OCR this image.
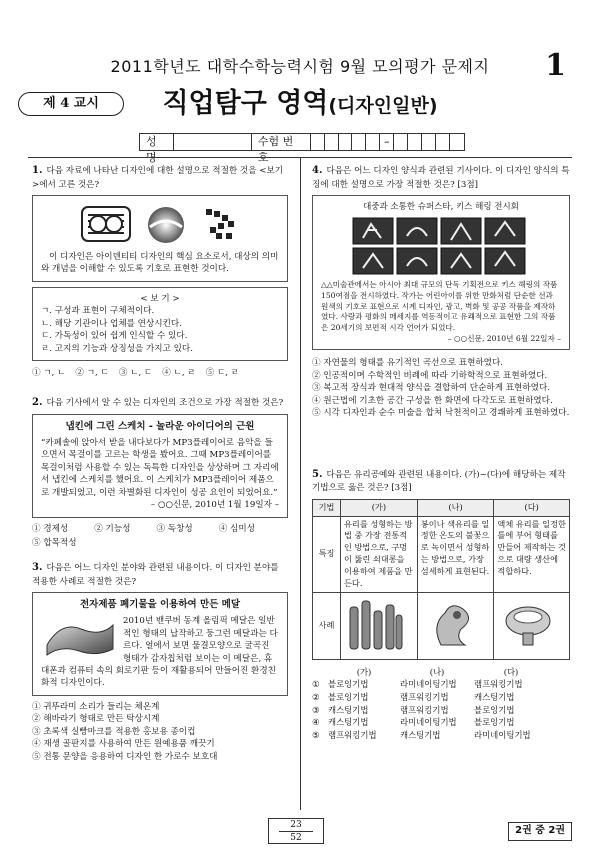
2011학년도 대학수학능력시험 9월 모의평가 문제지	1
제 4 교시	직업탐구 영역(디자인일반)
성명
수험 번호
–

1. 다음 자료에 나타난 디자인에 대한 설명으로 적절한 것을 <보기>에서 고른 것은?

이 디자인은 아이덴티티 디자인의 핵심 요소로서, 대상의 의미와 개념을 이해할 수 있도록 기호로 표현한 것이다.

< 보 기 >

ㄱ. 구성과 표현이 구체적이다.

ㄴ. 해당 기관이나 업체를 연상시킨다.

ㄷ. 가독성이 있어 쉽게 인식할 수 있다.

ㄹ. 고지의 기능과 상징성을 가지고 있다.

① ㄱ, ㄴ ② ㄱ, ㄷ ③ ㄴ, ㄷ ④ ㄴ, ㄹ ⑤ ㄷ, ㄹ

2. 다음 기사에서 알 수 있는 디자인의 조건으로 가장 적절한 것은?

냅킨에 그린 스케치 - 놀라운 아이디어의 근원

“카페솔에 앉아서 받을 내다보다가 MP3플레이어로 음악을 들으면서 목걸이를 고르는 학생을 봤어요. 그때 MP3플레이어를 목걸이처럼 사용할 수 있는 독특한 디자인을 상상하며 그 자리에서 냅킨에 스케치를 했어요. 이 스케치가 MP3플레이어 제품으로 개발되었고, 이런 차별화된 디자인이 성공 요인이 되었어요.”

– ○○신문, 2010년 1월 19일자 –

① 경제성	② 기능성	③ 독창성	④ 심미성
⑤ 합목적성

3. 다음은 어느 디자인 분야와 관련된 내용이다. 이 디자인 분야를 적용한 사례로 적절한 것은?

전자제품 폐기물을 이용하여 만든 메달

2010년 밴쿠버 동계 올림픽 메달은 일반적인 형태의 납작하고 둥그런 메달과는 다르다. 얼에서 보면 물결모양으로 굴곡진 형태가 감자칩처럼 보이는 이 메달은, 휴대폰과 컴퓨터 속의 회로기판 등이 재활용되어 만들어진 환경친화적 디자인이다.

① 귀뚜라미 소리가 들리는 체온계

② 해바라기 형태로 만든 탁상시계

③ 초록색 실빵마크를 적용한 홍보용 종이컵

④ 재생 골판지를 사용하여 만든 원예용품 깨끗기

⑤ 전통 문양을 응용하여 디자인 한 가로수 보호대

4. 다음은 어느 디자인 양식과 관련된 기사이다. 이 디자인 양식의 특징에 대한 설명으로 가장 적절한 것은? [3점]

대중과 소통한 슈퍼스타, 키스 해링 전시회

△△미술관에서는 아시아 최대 규모의 단독 기획전으로 키스 해링의 작품 150여점을 전시하였다. 작가는 어린아이를 위한 만화처럼 단순한 선과 원색의 기호로 표현으로 시계 디자인, 광고, 벽화 및 공공 작품을 제작하였다. 사랑과 평화의 메세지를 역동적이고 유쾌적으로 표현한 그의 작품은 20세기의 보편적 시각 언어가 되었다.

– ○○신문, 2010년 6월 22일자 –

① 자연물의 형태를 유기적인 곡선으로 표현하였다.

② 인공적이며 수학적인 비례에 따라 기하학적으로 표현하였다.

③ 복고적 장식과 현대적 양식을 결합하여 단순하게 표현하였다.

④ 원근법에 기초한 공간 구성을 한 화면에 다각도로 표현하였다.

⑤ 시각 디자인과 순수 미술을 합쳐 낙천적이고 경쾌하게 표현하였다.

5. 다음은 유리공예와 관련된 내용이다. (가)~(다)에 해당하는 제작기법으로 옳은 것은? [3점]

기법	(가)	(나)	(다)
특징	유리를 성형하는 방법 중 가장 전통적인 방법으로, 구멍이 뚫린 쇠대롱을 이용하여 제품을 만든다.	봉이나 색유리를 일정한 온도의 불꽃으로 녹이면서 성형하는 방법으로, 가장 섬세하게 표현된다.	액체 유리를 일정한 틀에 부어 형태를 만들어 제작하는 것으로 대량 생산에 적합하다.
사례			
(가)	(나)	(다)
①	블로잉기법	라미네이팅기법	램프워킹기법
②	블로잉기법	램프워킹기법	캐스팅기법
③	캐스팅기법	램프워킹기법	블로잉기법
④	캐스팅기법	라미네이팅기법	블로잉기법
⑤	램프워킹기법	캐스팅기법	라미네이팅기법
23
52
2권 중 2권
